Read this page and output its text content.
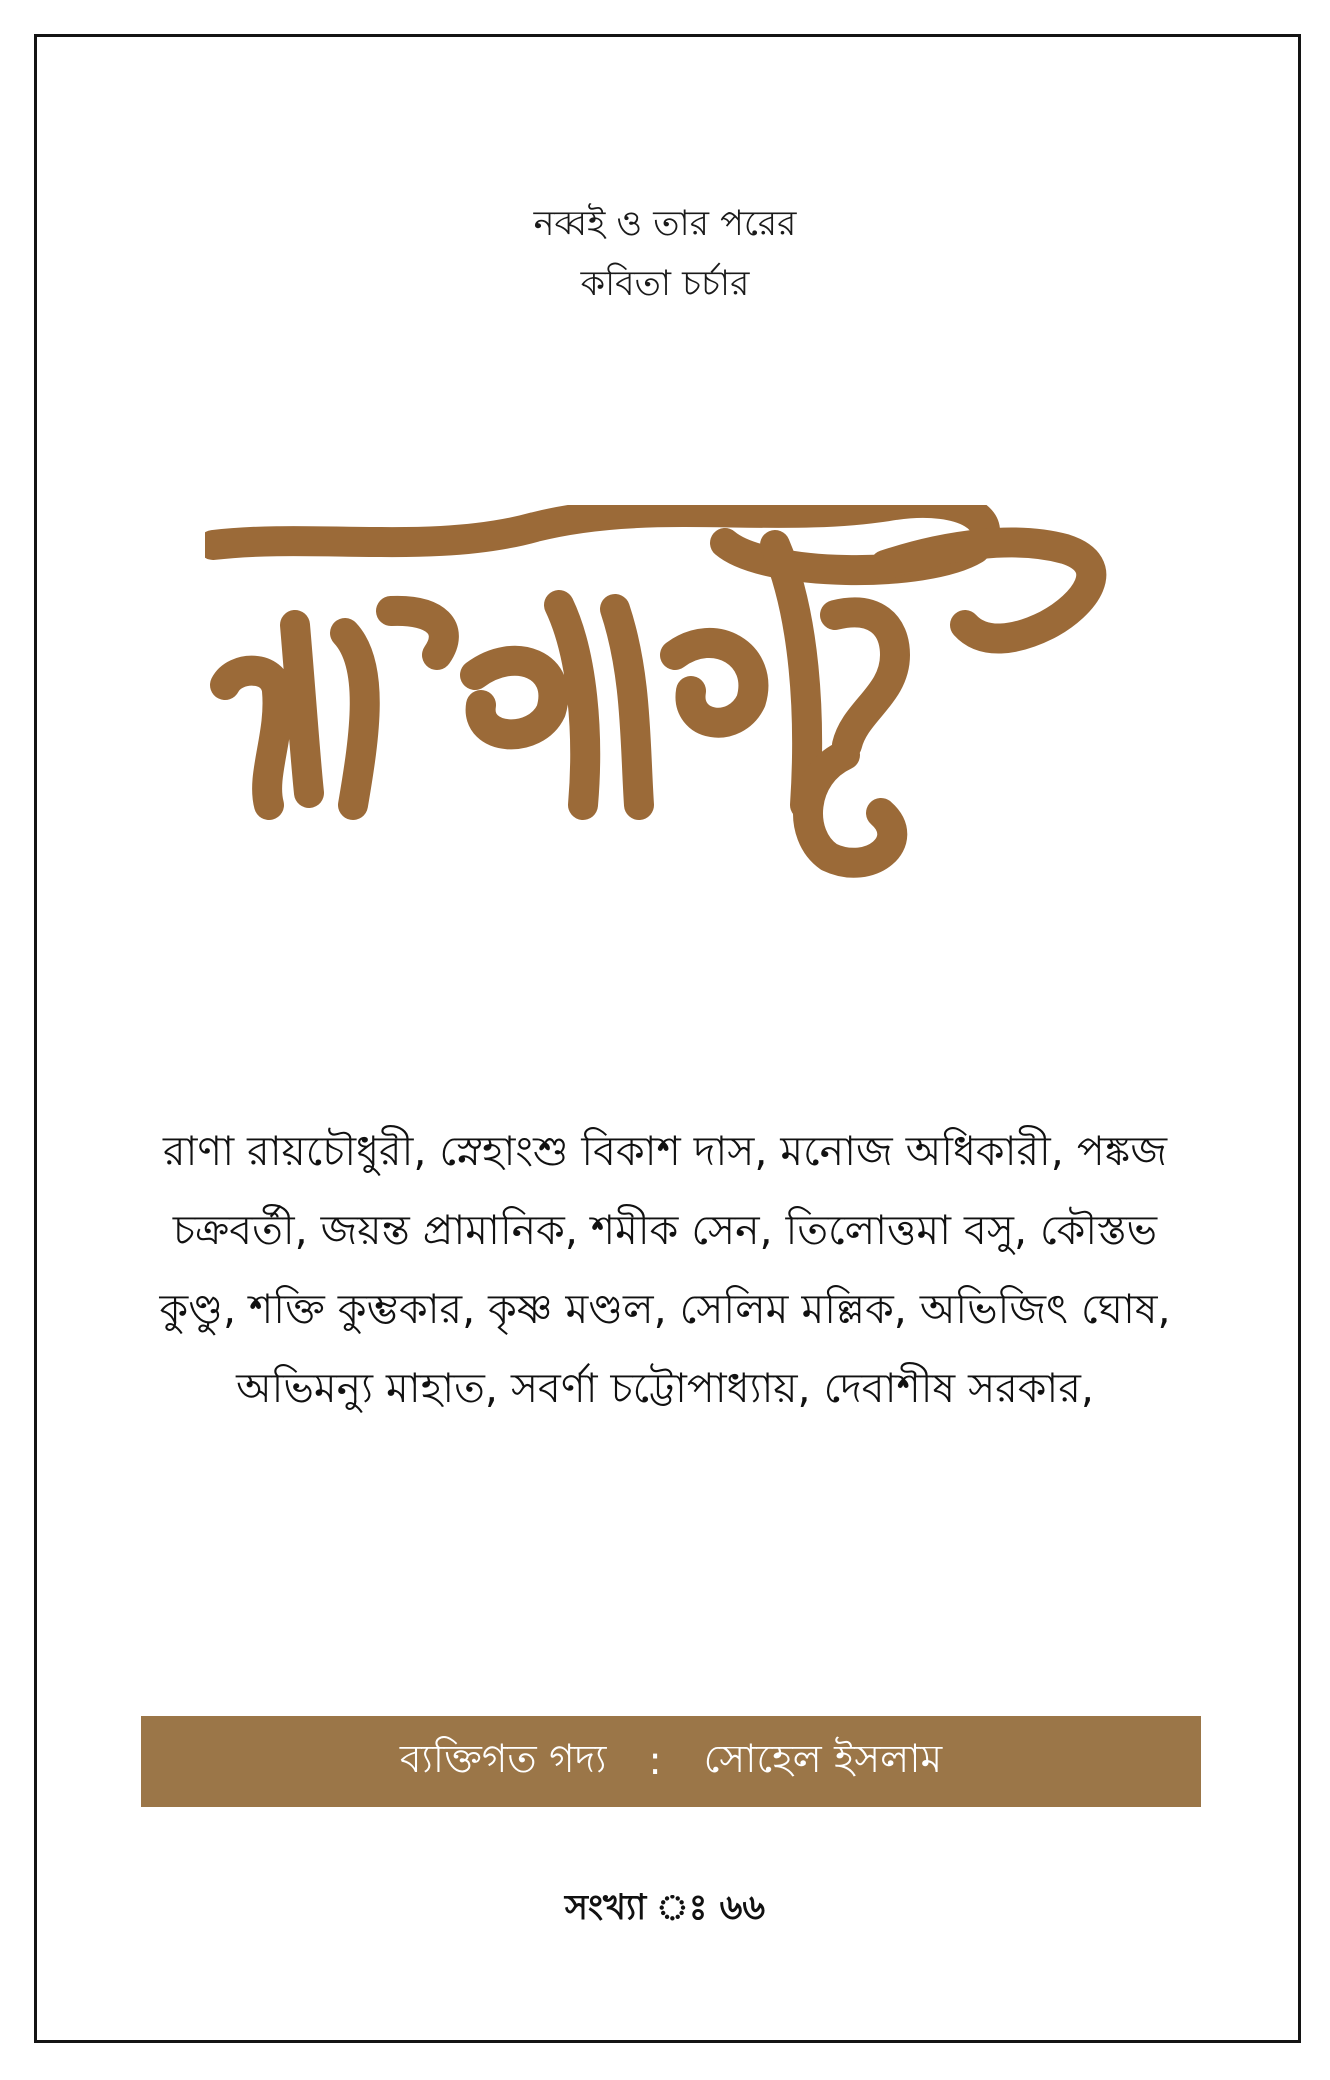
নব্বই ও তার পরের
কবিতা চর্চার

রাণা রায়চৌধুরী, স্নেহাংশু বিকাশ দাস, মনোজ অধিকারী, পঙ্কজ চক্রবর্তী, জয়ন্ত প্রামানিক, শমীক সেন, তিলোত্তমা বসু, কৌস্তভ কুণ্ডু, শক্তি কুম্ভকার, কৃষ্ণ মণ্ডল, সেলিম মল্লিক, অভিজিৎ ঘোষ, অভিমন্যু মাহাত, সবর্ণা চট্টোপাধ্যায়, দেবাশীষ সরকার,

ব্যক্তিগত গদ্য : সোহেল ইসলাম
সংখ্যা ঃ ৬৬
